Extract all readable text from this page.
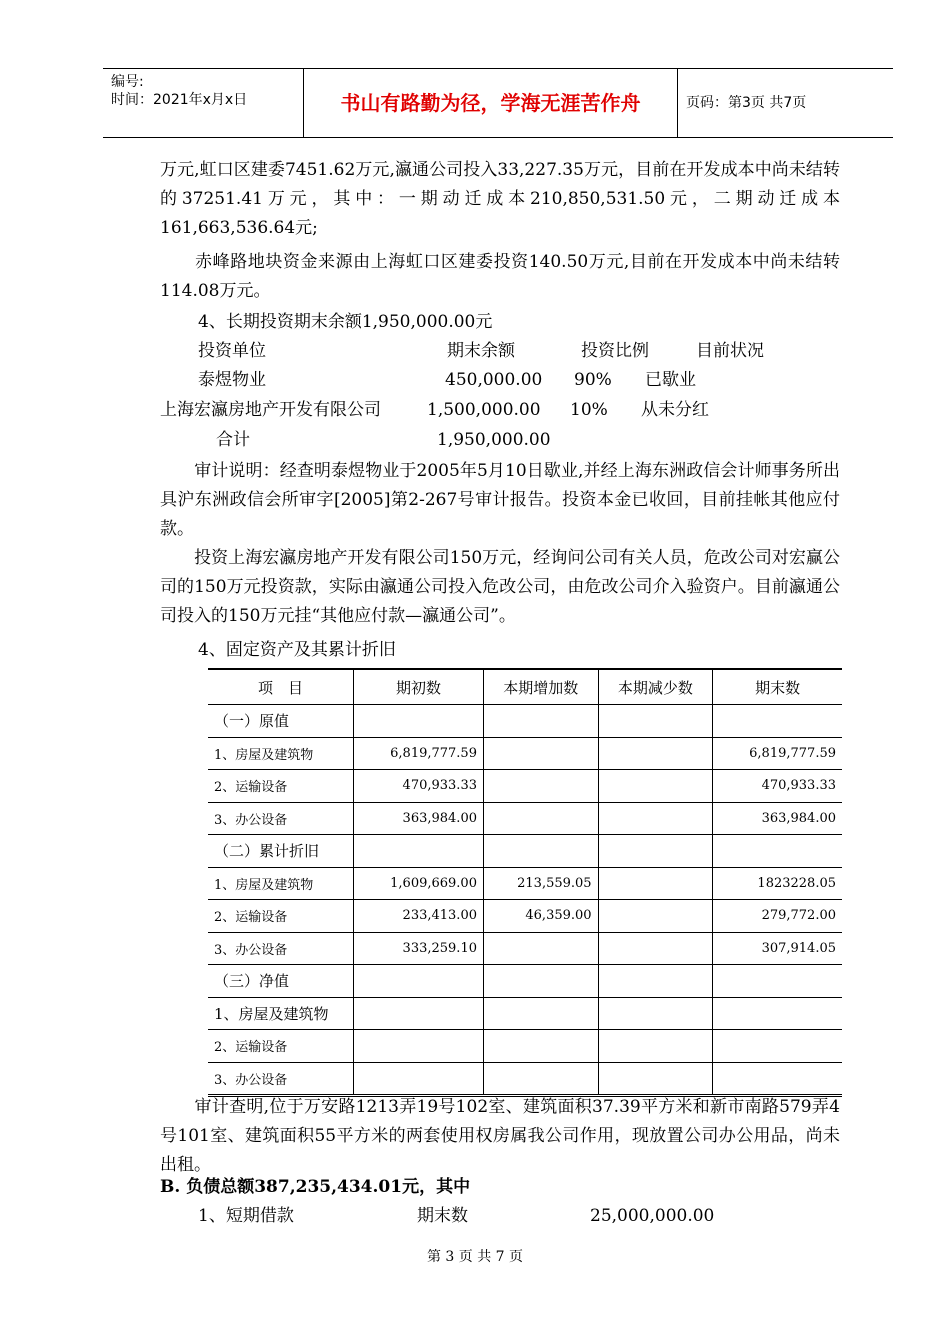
编号:
时间：2021年x月x日	书山有路勤为径，学海无涯苦作舟	页码：第3页 共7页
万元,虹口区建委7451.62万元,瀛通公司投入33,227.35万元，目前在开发成本中尚未结转的37251.41万元，其中：一期动迁成本210,850,531.50元，二期动迁成本161,663,536.64元;
　　赤峰路地块资金来源由上海虹口区建委投资140.50万元,目前在开发成本中尚未结转114.08万元。
4、长期投资期末余额1,950,000.00元
投资单位	期末余额	投资比例	目前状况
泰煜物业	450,000.00 90% 已歇业
上海宏瀛房地产开发有限公司	1,500,000.00 10% 从未分红
合计	1,950,000.00
　　审计说明：经查明泰煜物业于2005年5月10日歇业,并经上海东洲政信会计师事务所出具沪东洲政信会所审字[2005]第2-267号审计报告。投资本金已收回，目前挂帐其他应付款。
　　投资上海宏瀛房地产开发有限公司150万元，经询问公司有关人员，危改公司对宏赢公司的150万元投资款，实际由瀛通公司投入危改公司，由危改公司介入验资户。目前瀛通公司投入的150万元挂“其他应付款—瀛通公司”。
4、固定资产及其累计折旧
项　目	期初数	本期增加数	本期减少数	期末数
（一）原值				
1、房屋及建筑物	6,819,777.59			6,819,777.59
2、运输设备	470,933.33			470,933.33
3、办公设备	363,984.00			363,984.00
（二）累计折旧				
1、房屋及建筑物	1,609,669.00	213,559.05		1823228.05
2、运输设备	233,413.00	46,359.00		279,772.00
3、办公设备	333,259.10			307,914.05
（三）净值				
1、房屋及建筑物				
2、运输设备				
3、办公设备				
　　审计查明,位于万安路1213弄19号102室、建筑面积37.39平方米和新市南路579弄4号101室、建筑面积55平方米的两套使用权房属我公司作用，现放置公司办公用品，尚未出租。
B. 负债总额387,235,434.01元，其中
1、短期借款	期末数	25,000,000.00
第 3 页 共 7 页
